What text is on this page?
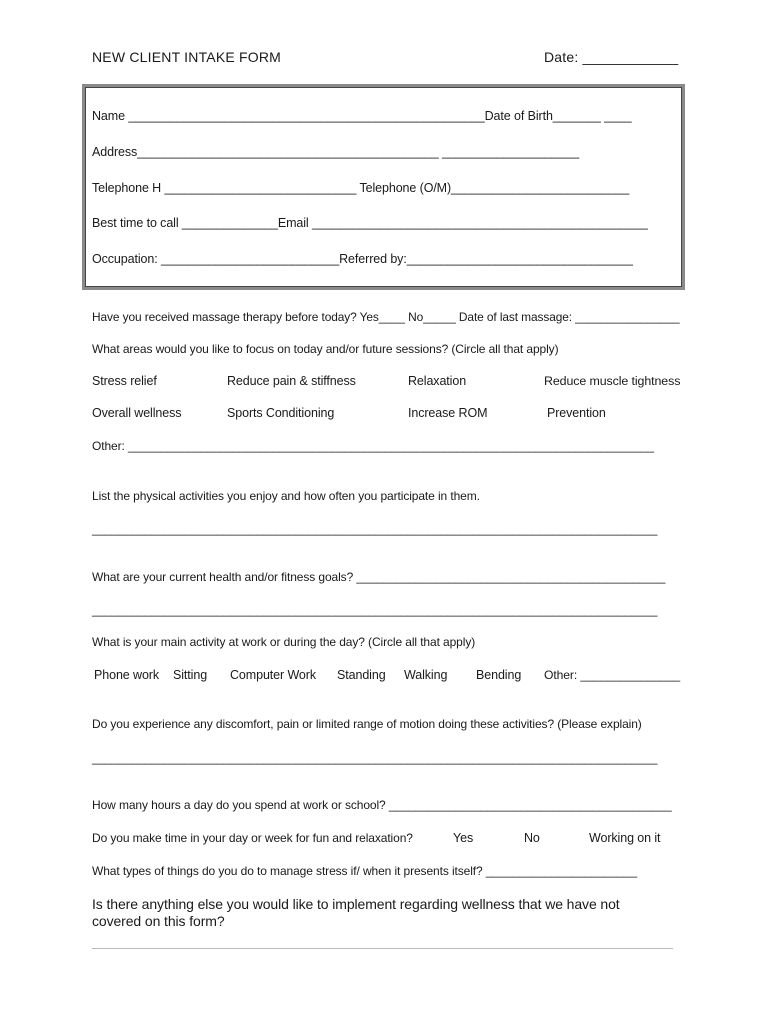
NEW CLIENT INTAKE FORM	Date: ____________
Name ____________________________________________________Date of Birth_______ ____
Address____________________________________________ ____________________
Telephone H ____________________________ Telephone (O/M)__________________________
Best time to call ______________Email _________________________________________________
Occupation: __________________________Referred by:_________________________________
Have you received massage therapy before today? Yes____ No_____ Date of last massage: ________________
What areas would you like to focus on today and/or future sessions? (Circle all that apply)
Stress relief	Reduce pain & stiffness	Relaxation	Reduce muscle tightness
Overall wellness	Sports Conditioning	Increase ROM	Prevention
Other: ________________________________________________________________________________
List the physical activities you enjoy and how often you participate in them.
______________________________________________________________________________________
What are your current health and/or fitness goals? _______________________________________________
______________________________________________________________________________________
What is your main activity at work or during the day? (Circle all that apply)
Phone work Sitting Computer Work Standing Walking Bending Other: _______________
Do you experience any discomfort, pain or limited range of motion doing these activities? (Please explain)
______________________________________________________________________________________
How many hours a day do you spend at work or school? ___________________________________________
Do you make time in your day or week for fun and relaxation?	Yes	No	Working on it
What types of things do you do to manage stress if/ when it presents itself? _______________________
Is there anything else you would like to implement regarding wellness that we have not covered on this form?
